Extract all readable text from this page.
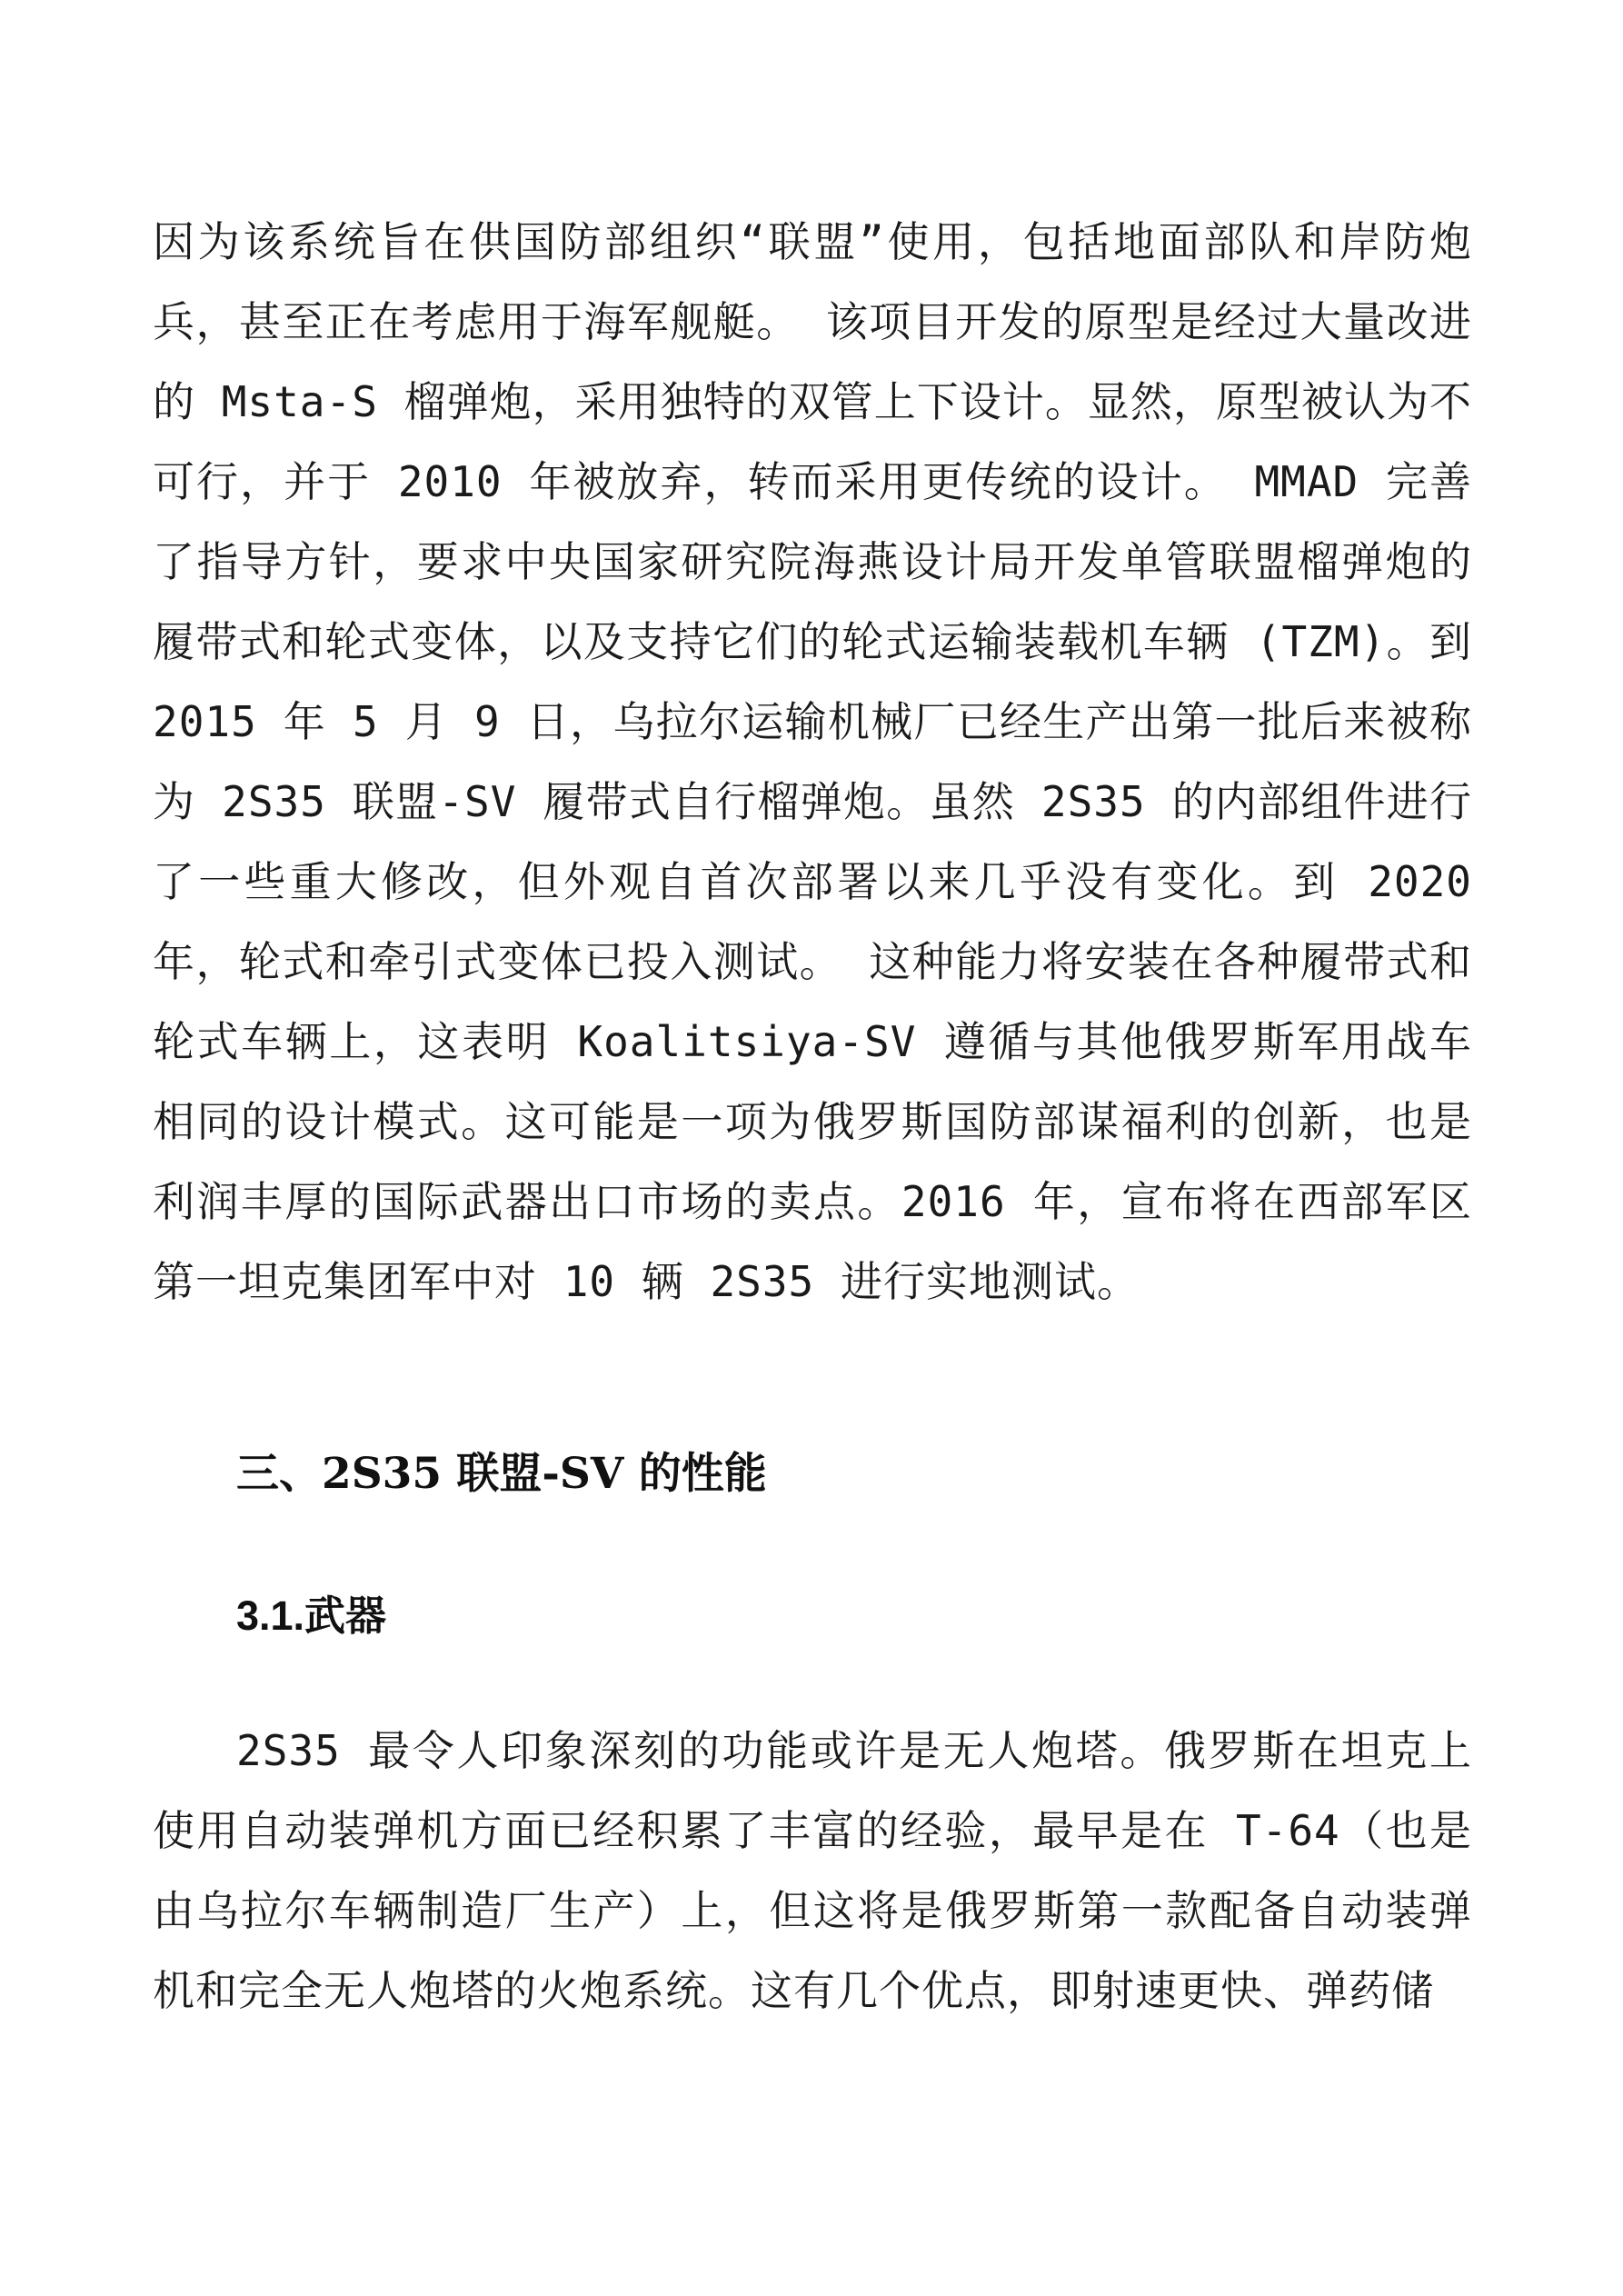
因为该系统旨在供国防部组织“联盟”使用，包括地面部队和岸防炮兵，甚至正在考虑用于海军舰艇。 该项目开发的原型是经过大量改进的 Msta-S 榴弹炮，采用独特的双管上下设计。显然，原型被认为不可行，并于 2010 年被放弃，转而采用更传统的设计。 MMAD 完善了指导方针，要求中央国家研究院海燕设计局开发单管联盟榴弹炮的履带式和轮式变体，以及支持它们的轮式运输装载机车辆 (TZM)。到 2015 年 5 月 9 日，乌拉尔运输机械厂已经生产出第一批后来被称为 2S35 联盟-SV 履带式自行榴弹炮。虽然 2S35 的内部组件进行了一些重大修改，但外观自首次部署以来几乎没有变化。到 2020 年，轮式和牵引式变体已投入测试。 这种能力将安装在各种履带式和轮式车辆上，这表明 Koalitsiya-SV 遵循与其他俄罗斯军用战车相同的设计模式。这可能是一项为俄罗斯国防部谋福利的创新，也是利润丰厚的国际武器出口市场的卖点。2016 年，宣布将在西部军区第一坦克集团军中对 10 辆 2S35 进行实地测试。

三、2S35 联盟-SV 的性能
3.1.武器

2S35 最令人印象深刻的功能或许是无人炮塔。俄罗斯在坦克上使用自动装弹机方面已经积累了丰富的经验，最早是在 T-64（也是由乌拉尔车辆制造厂生产）上，但这将是俄罗斯第一款配备自动装弹机和完全无人炮塔的火炮系统。这有几个优点，即射速更快、弹药储
